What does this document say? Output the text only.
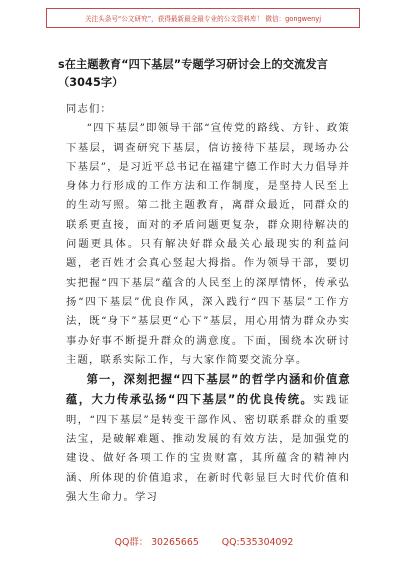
关注头条号“公文研究”，获得最新最全最专业的公文资料库！ 微信：gongwenyj
s在主题教育“四下基层”专题学习研讨会上的交流发言
（3045字）

同志们：

“四下基层”即领导干部“宣传党的路线、方针、政策下基层，调查研究下基层，信访接待下基层，现场办公下基层”，是习近平总书记在福建宁德工作时大力倡导并身体力行形成的工作方法和工作制度，是坚持人民至上的生动写照。第二批主题教育，离群众最近，同群众的联系更直接，面对的矛盾问题更复杂，群众期待解决的问题更具体。只有解决好群众最关心最现实的利益问题，老百姓才会真心竖起大拇指。作为领导干部，要切实把握“四下基层”蕴含的人民至上的深厚情怀，传承弘扬“四下基层”优良作风，深入践行“四下基层”工作方法，既“身下”基层更“心下”基层，用心用情为群众办实事办好事不断提升群众的满意度。下面，围绕本次研讨主题，联系实际工作，与大家作简要交流分享。

第一，深刻把握“四下基层”的哲学内涵和价值意蕴，大力传承弘扬“四下基层”的优良传统。实践证明，“四下基层”是转变干部作风、密切联系群众的重要法宝，是破解难题、推动发展的有效方法，是加强党的建设、做好各项工作的宝贵财富，其所蕴含的精神内涵、所体现的价值追求，在新时代彰显巨大时代价值和强大生命力。学习

QQ群： 30265665 QQ:535304092
